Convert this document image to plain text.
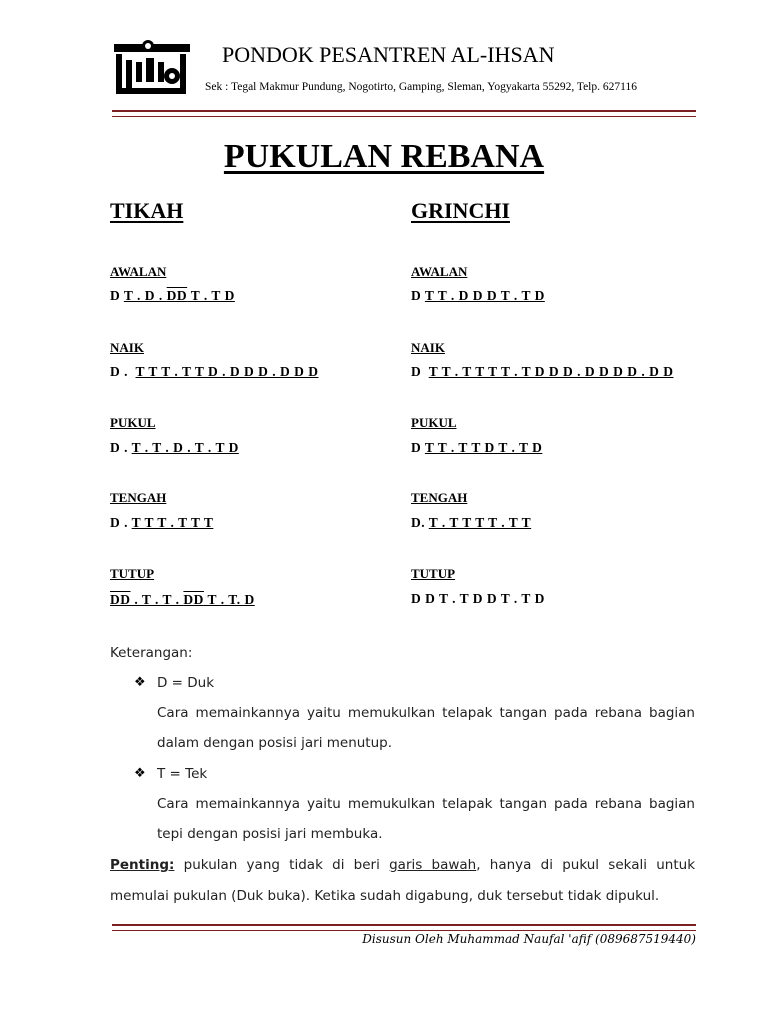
PONDOK PESANTREN AL-IHSAN
Sek : Tegal Makmur Pundung, Nogotirto, Gamping, Sleman, Yogyakarta 55292, Telp. 627116
PUKULAN REBANA
TIKAH
AWALAN
D T . D . DD T . T D
NAIK
D .  T T T . T T D . D D D . D D D
PUKUL
D . T . T . D . T . T D
TENGAH
D . T T T . T T T
TUTUP
DD . T . T . DD T . T. D
GRINCHI
AWALAN
D T T . D D D T . T D
NAIK
D  T T . T T T T . T D D D . D D D D . D D
PUKUL
D T T . T T D T . T D
TENGAH
D. T . T T T T . T T
TUTUP
D D T . T D D T . T D
Keterangan:
❖ D = Duk
Cara memainkannya yaitu memukulkan telapak tangan pada rebana bagian
dalam dengan posisi jari menutup.
❖ T = Tek
Cara memainkannya yaitu memukulkan telapak tangan pada rebana bagian
tepi dengan posisi jari membuka.
Penting: pukulan yang tidak di beri garis bawah, hanya di pukul sekali untuk
memulai pukulan (Duk buka). Ketika sudah digabung, duk tersebut tidak dipukul.
Disusun Oleh Muhammad Naufal 'afif (089687519440)
